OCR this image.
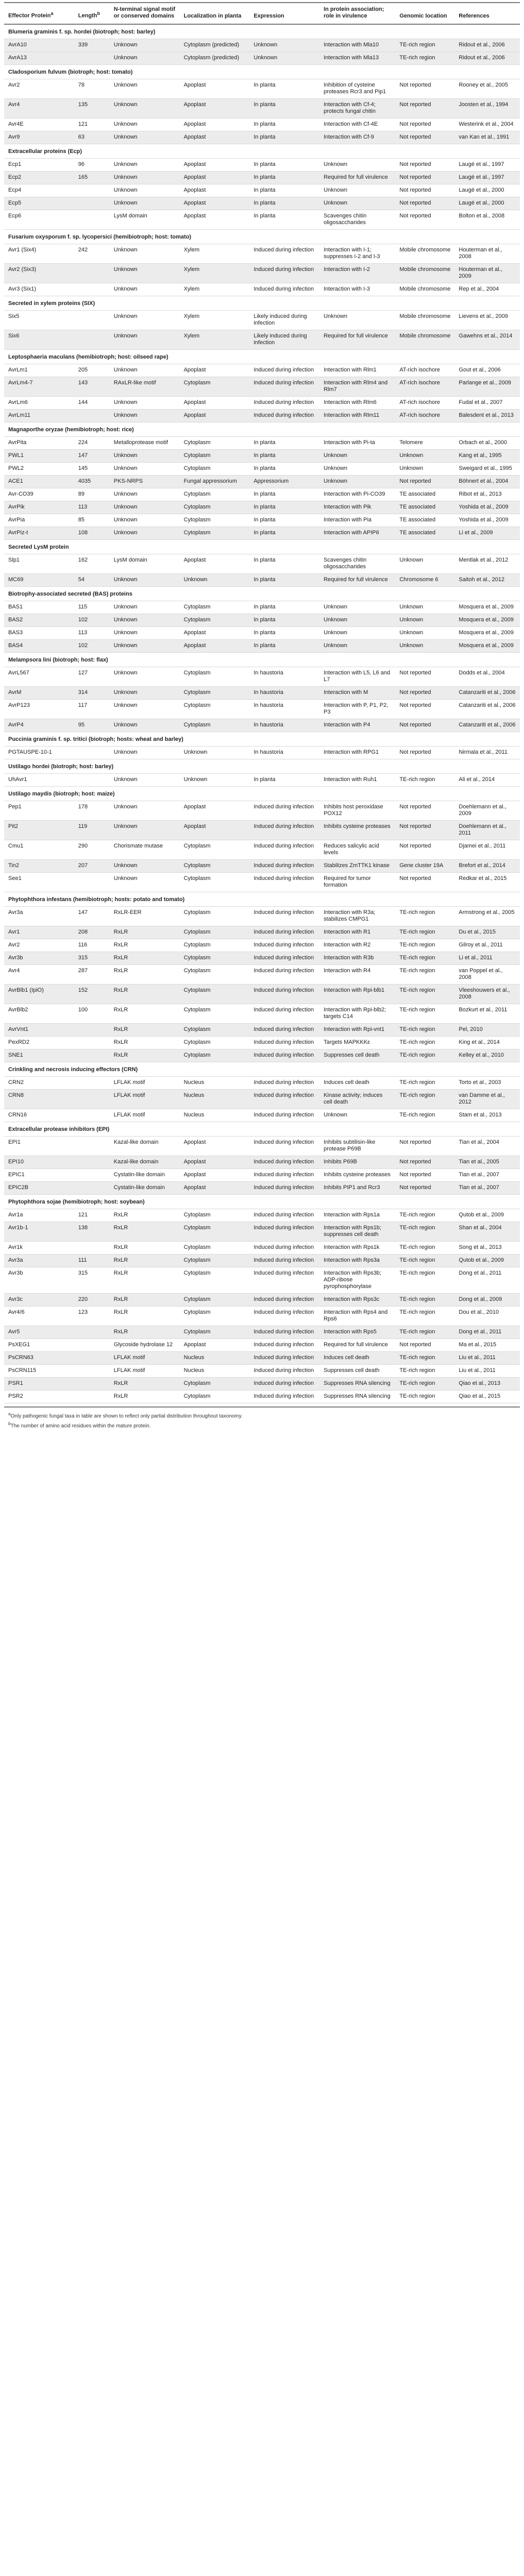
Effector Protein$^a$	Length$^b$	N-terminal signal motif or conserved domains	Localization in planta	Expression	In protein association; role in virulence	Genomic location	References
Blumeria graminis f. sp. hordei (biotroph; host: barley)							
AvrA10	339	Unknown	Cytoplasm (predicted)	Unknown	Interaction with Mla10	TE-rich region	Ridout et al., 2006
AvrA13		Unknown	Cytoplasm (predicted)	Unknown	Interaction with Mla13	TE-rich region	Ridout et al., 2006
Cladosporium fulvum (biotroph; host: tomato)							
Avr2	78	Unknown	Apoplast	In planta	Inhibition of cysteine proteases Rcr3 and Pip1	Not reported	Rooney et al., 2005
Avr4	135	Unknown	Apoplast	In planta	Interaction with Cf-4; protects fungal chitin	Not reported	Joosten et al., 1994
Avr4E	121	Unknown	Apoplast	In planta	Interaction with Cf-4E	Not reported	Westerink et al., 2004
Avr9	63	Unknown	Apoplast	In planta	Interaction with Cf-9	Not reported	van Kan et al., 1991
Extracellular proteins (Ecp)							
Ecp1	96	Unknown	Apoplast	In planta	Unknown	Not reported	Laugé et al., 1997
Ecp2	165	Unknown	Apoplast	In planta	Required for full virulence	Not reported	Laugé et al., 1997
Ecp4		Unknown	Apoplast	In planta	Unknown	Not reported	Laugé et al., 2000
Ecp5		Unknown	Apoplast	In planta	Unknown	Not reported	Laugé et al., 2000
Ecp6		LysM domain	Apoplast	In planta	Scavenges chitin oligosaccharides	Not reported	Bolton et al., 2008
Fusarium oxysporum f. sp. lycopersici (hemibiotroph; host: tomato)							
Avr1 (Six4)	242	Unknown	Xylem	Induced during infection	Interaction with I-1; suppresses I-2 and I-3	Mobile chromosome	Houterman et al., 2008
Avr2 (Six3)		Unknown	Xylem	Induced during infection	Interaction with I-2	Mobile chromosome	Houterman et al., 2009
Avr3 (Six1)		Unknown	Xylem	Induced during infection	Interaction with I-3	Mobile chromosome	Rep et al., 2004
Secreted in xylem proteins (SIX)							
Six5		Unknown	Xylem	Likely induced during infection	Unknown	Mobile chromosome	Lievens et al., 2009
Six6		Unknown	Xylem	Likely induced during infection	Required for full virulence	Mobile chromosome	Gawehns et al., 2014
Leptosphaeria maculans (hemibiotroph; host: oilseed rape)							
AvrLm1	205	Unknown	Apoplast	Induced during infection	Interaction with Rlm1	AT-rich isochore	Gout et al., 2006
AvrLm4-7	143	RAxLR-like motif	Cytoplasm	Induced during infection	Interaction with Rlm4 and Rlm7	AT-rich isochore	Parlange et al., 2009
AvrLm6	144	Unknown	Apoplast	Induced during infection	Interaction with Rlm6	AT-rich isochore	Fudal et al., 2007
AvrLm11		Unknown	Apoplast	Induced during infection	Interaction with Rlm11	AT-rich isochore	Balesdent et al., 2013
Magnaporthe oryzae (hemibiotroph; host: rice)							
AvrPita	224	Metalloprotease motif	Cytoplasm	In planta	Interaction with Pi-ta	Telomere	Orbach et al., 2000
PWL1	147	Unknown	Cytoplasm	In planta	Unknown	Unknown	Kang et al., 1995
PWL2	145	Unknown	Cytoplasm	In planta	Unknown	Unknown	Sweigard et al., 1995
ACE1	4035	PKS-NRPS	Fungal appressorium	Appressorium	Unknown	Not reported	Böhnert et al., 2004
Avr-CO39	89	Unknown	Cytoplasm	In planta	Interaction with Pi-CO39	TE associated	Ribot et al., 2013
AvrPik	113	Unknown	Cytoplasm	In planta	Interaction with Pik	TE associated	Yoshida et al., 2009
AvrPia	85	Unknown	Cytoplasm	In planta	Interaction with Pia	TE associated	Yoshida et al., 2009
AvrPiz-t	108	Unknown	Cytoplasm	In planta	Interaction with APIP6	TE associated	Li et al., 2009
Secreted LysM protein							
Slp1	162	LysM domain	Apoplast	In planta	Scavenges chitin oligosaccharides	Unknown	Mentlak et al., 2012
MC69	54	Unknown	Unknown	In planta	Required for full virulence	Chromosome 6	Saitoh et al., 2012
Biotrophy-associated secreted (BAS) proteins							
BAS1	115	Unknown	Cytoplasm	In planta	Unknown	Unknown	Mosquera et al., 2009
BAS2	102	Unknown	Cytoplasm	In planta	Unknown	Unknown	Mosquera et al., 2009
BAS3	113	Unknown	Apoplast	In planta	Unknown	Unknown	Mosquera et al., 2009
BAS4	102	Unknown	Apoplast	In planta	Unknown	Unknown	Mosquera et al., 2009
Melampsora lini (biotroph; host: flax)							
AvrL567	127	Unknown	Cytoplasm	In haustoria	Interaction with L5, L6 and L7	Not reported	Dodds et al., 2004
AvrM	314	Unknown	Cytoplasm	In haustoria	Interaction with M	Not reported	Catanzariti et al., 2006
AvrP123	117	Unknown	Cytoplasm	In haustoria	Interaction with P, P1, P2, P3	Not reported	Catanzariti et al., 2006
AvrP4	95	Unknown	Cytoplasm	In haustoria	Interaction with P4	Not reported	Catanzariti et al., 2006
Puccinia graminis f. sp. tritici (biotroph; hosts: wheat and barley)							
PGTAUSPE-10-1		Unknown	Unknown	In haustoria	Interaction with RPG1	Not reported	Nirmala et al., 2011
Ustilago hordei (biotroph; host: barley)							
UhAvr1		Unknown	Unknown	In planta	Interaction with Ruh1	TE-rich region	Ali et al., 2014
Ustilago maydis (biotroph; host: maize)							
Pep1	178	Unknown	Apoplast	Induced during infection	Inhibits host peroxidase POX12	Not reported	Doehlemann et al., 2009
Pit2	119	Unknown	Apoplast	Induced during infection	Inhibits cysteine proteases	Not reported	Doehlemann et al., 2011
Cmu1	290	Chorismate mutase	Cytoplasm	Induced during infection	Reduces salicylic acid levels	Not reported	Djamei et al., 2011
Tin2	207	Unknown	Cytoplasm	Induced during infection	Stabilizes ZmTTK1 kinase	Gene cluster 19A	Brefort et al., 2014
See1		Unknown	Cytoplasm	Induced during infection	Required for tumor formation	Not reported	Redkar et al., 2015
Phytophthora infestans (hemibiotroph; hosts: potato and tomato)							
Avr3a	147	RxLR-EER	Cytoplasm	Induced during infection	Interaction with R3a; stabilizes CMPG1	TE-rich region	Armstrong et al., 2005
Avr1	208	RxLR	Cytoplasm	Induced during infection	Interaction with R1	TE-rich region	Du et al., 2015
Avr2	116	RxLR	Cytoplasm	Induced during infection	Interaction with R2	TE-rich region	Gilroy et al., 2011
Avr3b	315	RxLR	Cytoplasm	Induced during infection	Interaction with R3b	TE-rich region	Li et al., 2011
Avr4	287	RxLR	Cytoplasm	Induced during infection	Interaction with R4	TE-rich region	van Poppel et al., 2008
AvrBlb1 (IpiO)	152	RxLR	Cytoplasm	Induced during infection	Interaction with Rpi-blb1	TE-rich region	Vleeshouwers et al., 2008
AvrBlb2	100	RxLR	Cytoplasm	Induced during infection	Interaction with Rpi-blb2; targets C14	TE-rich region	Bozkurt et al., 2011
AvrVnt1		RxLR	Cytoplasm	Induced during infection	Interaction with Rpi-vnt1	TE-rich region	Pel, 2010
PexRD2		RxLR	Cytoplasm	Induced during infection	Targets MAPKKKε	TE-rich region	King et al., 2014
SNE1		RxLR	Cytoplasm	Induced during infection	Suppresses cell death	TE-rich region	Kelley et al., 2010
Crinkling and necrosis inducing effectors (CRN)							
CRN2		LFLAK motif	Nucleus	Induced during infection	Induces cell death	TE-rich region	Torto et al., 2003
CRN8		LFLAK motif	Nucleus	Induced during infection	Kinase activity; induces cell death	TE-rich region	van Damme et al., 2012
CRN16		LFLAK motif	Nucleus	Induced during infection	Unknown	TE-rich region	Stam et al., 2013
Extracellular protease inhibitors (EPI)							
EPI1		Kazal-like domain	Apoplast	Induced during infection	Inhibits subtilisin-like protease P69B	Not reported	Tian et al., 2004
EPI10		Kazal-like domain	Apoplast	Induced during infection	Inhibits P69B	Not reported	Tian et al., 2005
EPIC1		Cystatin-like domain	Apoplast	Induced during infection	Inhibits cysteine proteases	Not reported	Tian et al., 2007
EPIC2B		Cystatin-like domain	Apoplast	Induced during infection	Inhibits PIP1 and Rcr3	Not reported	Tian et al., 2007
Phytophthora sojae (hemibiotroph; host: soybean)							
Avr1a	121	RxLR	Cytoplasm	Induced during infection	Interaction with Rps1a	TE-rich region	Qutob et al., 2009
Avr1b-1	138	RxLR	Cytoplasm	Induced during infection	Interaction with Rps1b; suppresses cell death	TE-rich region	Shan et al., 2004
Avr1k		RxLR	Cytoplasm	Induced during infection	Interaction with Rps1k	TE-rich region	Song et al., 2013
Avr3a	111	RxLR	Cytoplasm	Induced during infection	Interaction with Rps3a	TE-rich region	Qutob et al., 2009
Avr3b	315	RxLR	Cytoplasm	Induced during infection	Interaction with Rps3b; ADP-ribose pyrophosphorylase	TE-rich region	Dong et al., 2011
Avr3c	220	RxLR	Cytoplasm	Induced during infection	Interaction with Rps3c	TE-rich region	Dong et al., 2009
Avr4/6	123	RxLR	Cytoplasm	Induced during infection	Interaction with Rps4 and Rps6	TE-rich region	Dou et al., 2010
Avr5		RxLR	Cytoplasm	Induced during infection	Interaction with Rps5	TE-rich region	Dong et al., 2011
PsXEG1		Glycoside hydrolase 12	Apoplast	Induced during infection	Required for full virulence	Not reported	Ma et al., 2015
PsCRN63		LFLAK motif	Nucleus	Induced during infection	Induces cell death	TE-rich region	Liu et al., 2011
PsCRN115		LFLAK motif	Nucleus	Induced during infection	Suppresses cell death	TE-rich region	Liu et al., 2011
PSR1		RxLR	Cytoplasm	Induced during infection	Suppresses RNA silencing	TE-rich region	Qiao et al., 2013
PSR2		RxLR	Cytoplasm	Induced during infection	Suppresses RNA silencing	TE-rich region	Qiao et al., 2015

$^a$Only pathogenic fungal taxa in table are shown to reflect only partial distribution throughout taxonomy.

$^b$The number of amino acid residues within the mature protein.
